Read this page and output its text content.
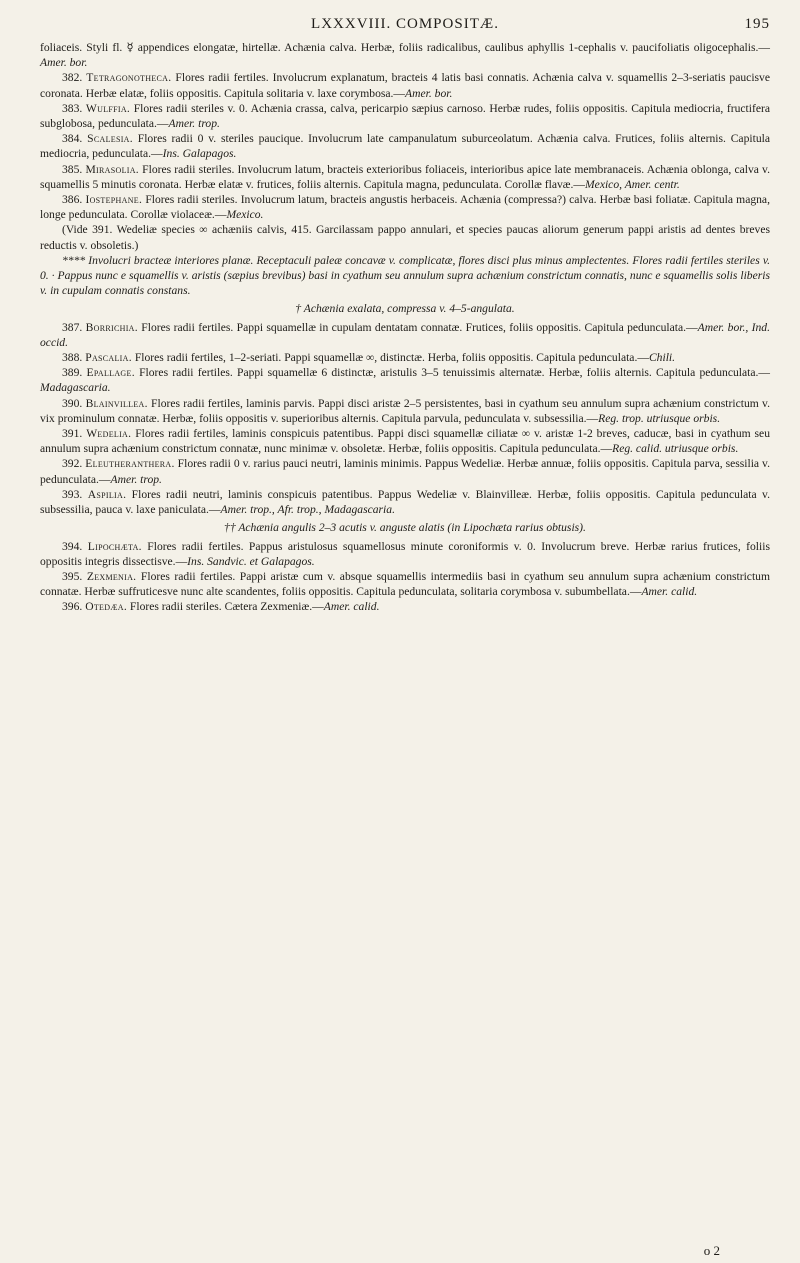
LXXXVIII. COMPOSITÆ.	195

foliaceis. Styli fl. ☿ appendices elongatæ, hirtellæ. Achænia calva. Herbæ, foliis radicalibus, caulibus aphyllis 1-cephalis v. paucifoliatis oligocephalis.—Amer. bor.

382. Tetragonotheca. Flores radii fertiles. Involucrum explanatum, bracteis 4 latis basi connatis. Achænia calva v. squamellis 2–3-seriatis paucisve coronata. Herbæ elatæ, foliis oppositis. Capitula solitaria v. laxe corymbosa.—Amer. bor.

383. Wulffia. Flores radii steriles v. 0. Achænia crassa, calva, pericarpio sæpius carnoso. Herbæ rudes, foliis oppositis. Capitula mediocria, fructifera subglobosa, pedunculata.—Amer. trop.

384. Scalesia. Flores radii 0 v. steriles paucique. Involucrum late campanulatum suburceolatum. Achænia calva. Frutices, foliis alternis. Capitula mediocria, pedunculata.—Ins. Galapagos.

385. Mirasolia. Flores radii steriles. Involucrum latum, bracteis exterioribus foliaceis, interioribus apice late membranaceis. Achænia oblonga, calva v. squamellis 5 minutis coronata. Herbæ elatæ v. frutices, foliis alternis. Capitula magna, pedunculata. Corollæ flavæ.—Mexico, Amer. centr.

386. Iostephane. Flores radii steriles. Involucrum latum, bracteis angustis herbaceis. Achænia (compressa?) calva. Herbæ basi foliatæ. Capitula magna, longe pedunculata. Corollæ violaceæ.—Mexico.

(Vide 391. Wedeliæ species ∞ achæniis calvis, 415. Garcilassam pappo annulari, et species paucas aliorum generum pappi aristis ad dentes breves reductis v. obsoletis.)

**** Involucri bracteæ interiores planæ. Receptaculi paleæ concavæ v. complicatæ, flores disci plus minus amplectentes. Flores radii fertiles steriles v. 0. · Pappus nunc e squamellis v. aristis (sæpius brevibus) basi in cyathum seu annulum supra achænium constrictum connatis, nunc e squamellis solis liberis v. in cupulam connatis constans.

† Achænia exalata, compressa v. 4–5-angulata.

387. Borrichia. Flores radii fertiles. Pappi squamellæ in cupulam dentatam connatæ. Frutices, foliis oppositis. Capitula pedunculata.—Amer. bor., Ind. occid.

388. Pascalia. Flores radii fertiles, 1–2-seriati. Pappi squamellæ ∞, distinctæ. Herba, foliis oppositis. Capitula pedunculata.—Chili.

389. Epallage. Flores radii fertiles. Pappi squamellæ 6 distinctæ, aristulis 3–5 tenuissimis alternatæ. Herbæ, foliis alternis. Capitula pedunculata.—Madagascaria.

390. Blainvillea. Flores radii fertiles, laminis parvis. Pappi disci aristæ 2–5 persistentes, basi in cyathum seu annulum supra achænium constrictum v. vix prominulum connatæ. Herbæ, foliis oppositis v. superioribus alternis. Capitula parvula, pedunculata v. subsessilia.—Reg. trop. utriusque orbis.

391. Wedelia. Flores radii fertiles, laminis conspicuis patentibus. Pappi disci squamellæ ciliatæ ∞ v. aristæ 1-2 breves, caducæ, basi in cyathum seu annulum supra achænium constrictum connatæ, nunc minimæ v. obsoletæ. Herbæ, foliis oppositis. Capitula pedunculata.—Reg. calid. utriusque orbis.

392. Eleutheranthera. Flores radii 0 v. rarius pauci neutri, laminis minimis. Pappus Wedeliæ. Herbæ annuæ, foliis oppositis. Capitula parva, sessilia v. pedunculata.—Amer. trop.

393. Aspilia. Flores radii neutri, laminis conspicuis patentibus. Pappus Wedeliæ v. Blainvilleæ. Herbæ, foliis oppositis. Capitula pedunculata v. subsessilia, pauca v. laxe paniculata.—Amer. trop., Afr. trop., Madagascaria.

†† Achænia angulis 2–3 acutis v. anguste alatis (in Lipochæta rarius obtusis).

394. Lipochæta. Flores radii fertiles. Pappus aristulosus squamellosus minute coroniformis v. 0. Involucrum breve. Herbæ rarius frutices, foliis oppositis integris dissectisve.—Ins. Sandvic. et Galapagos.

395. Zexmenia. Flores radii fertiles. Pappi aristæ cum v. absque squamellis intermediis basi in cyathum seu annulum supra achænium constrictum connatæ. Herbæ suffruticesve nunc alte scandentes, foliis oppositis. Capitula pedunculata, solitaria corymbosa v. subumbellata.—Amer. calid.

396. Otedæa. Flores radii steriles. Cætera Zexmeniæ.—Amer. calid.

o 2
